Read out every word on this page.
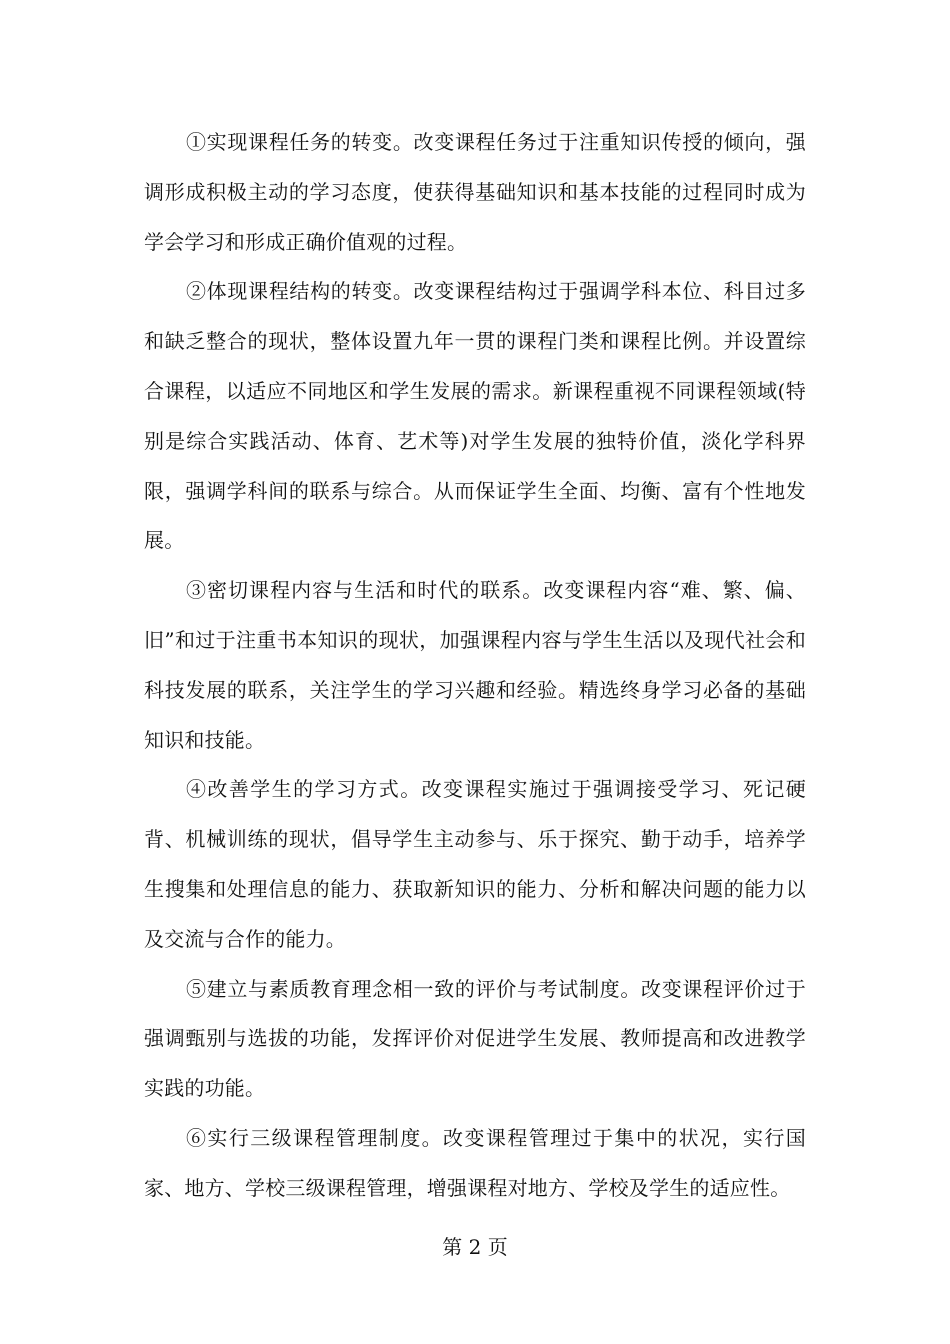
①实现课程任务的转变。改变课程任务过于注重知识传授的倾向，强调形成积极主动的学习态度，使获得基础知识和基本技能的过程同时成为学会学习和形成正确价值观的过程。

②体现课程结构的转变。改变课程结构过于强调学科本位、科目过多和缺乏整合的现状，整体设置九年一贯的课程门类和课程比例。并设置综合课程，以适应不同地区和学生发展的需求。新课程重视不同课程领域(特别是综合实践活动、体育、艺术等)对学生发展的独特价值，淡化学科界限，强调学科间的联系与综合。从而保证学生全面、均衡、富有个性地发展。

③密切课程内容与生活和时代的联系。改变课程内容“难、繁、偏、旧”和过于注重书本知识的现状，加强课程内容与学生生活以及现代社会和科技发展的联系，关注学生的学习兴趣和经验。精选终身学习必备的基础知识和技能。

④改善学生的学习方式。改变课程实施过于强调接受学习、死记硬背、机械训练的现状，倡导学生主动参与、乐于探究、勤于动手，培养学生搜集和处理信息的能力、获取新知识的能力、分析和解决问题的能力以及交流与合作的能力。

⑤建立与素质教育理念相一致的评价与考试制度。改变课程评价过于强调甄别与选拔的功能，发挥评价对促进学生发展、教师提高和改进教学实践的功能。

⑥实行三级课程管理制度。改变课程管理过于集中的状况，实行国家、地方、学校三级课程管理，增强课程对地方、学校及学生的适应性。

第 2 页
